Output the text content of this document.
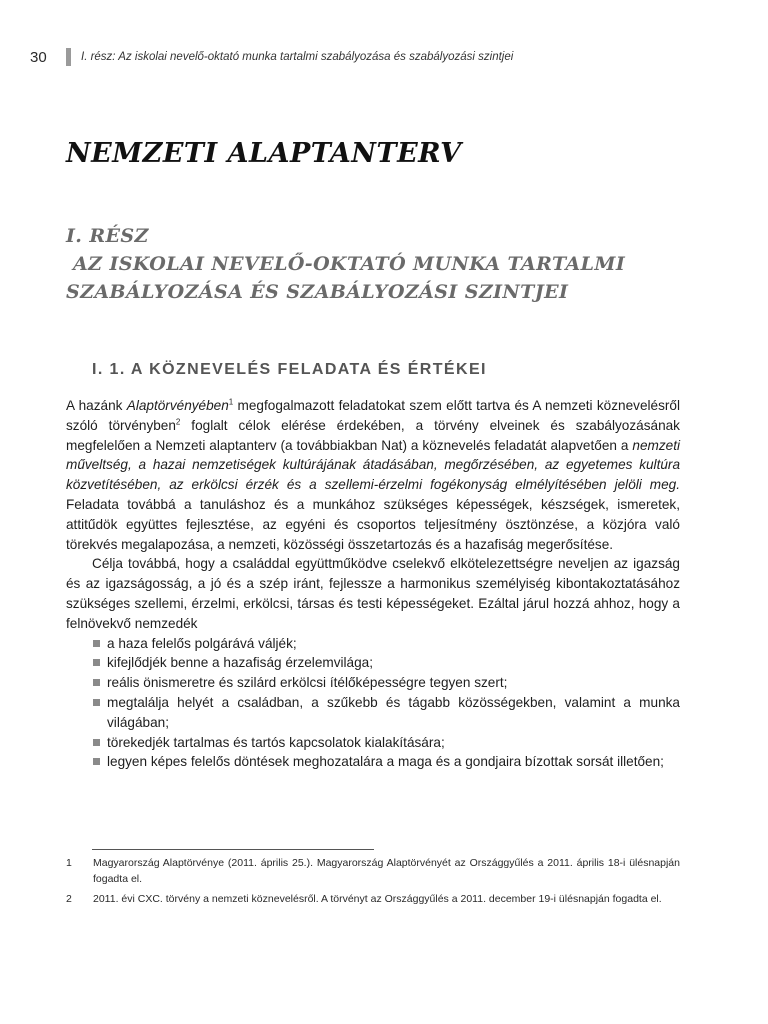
30	I. rész: Az iskolai nevelő-oktató munka tartalmi szabályozása és szabályozási szintjei
NEMZETI ALAPTANTERV
I. RÉSZ
AZ ISKOLAI NEVELŐ-OKTATÓ MUNKA TARTALMI
SZABÁLYOZÁSA ÉS SZABÁLYOZÁSI SZINTJEI
I. 1. A KÖZNEVELÉS FELADATA ÉS ÉRTÉKEI

A hazánk Alaptörvényében$^1$ megfogalmazott feladatokat szem előtt tartva és A nemzeti köznevelésről szóló törvényben$^2$ foglalt célok elérése érdekében, a törvény elveinek és szabályozásának megfelelően a Nemzeti alaptanterv (a továbbiakban Nat) a köznevelés feladatát alapvetően a nemzeti műveltség, a hazai nemzetiségek kultúrájának átadásában, megőrzésében, az egyetemes kultúra közvetítésében, az erkölcsi érzék és a szellemi-érzelmi fogékonyság elmélyítésében jelöli meg. Feladata továbbá a tanuláshoz és a munkához szükséges képességek, készségek, ismeretek, attitűdök együttes fejlesztése, az egyéni és csoportos teljesítmény ösztönzése, a közjóra való törekvés megalapozása, a nemzeti, közösségi összetartozás és a hazafiság megerősítése.

Célja továbbá, hogy a családdal együttműködve cselekvő elkötelezettségre neveljen az igazság és az igazságosság, a jó és a szép iránt, fejlessze a harmonikus személyiség kibontakoztatásához szükséges szellemi, érzelmi, erkölcsi, társas és testi képességeket. Ezáltal járul hozzá ahhoz, hogy a felnövekvő nemzedék

a haza felelős polgárává váljék;
kifejlődjék benne a hazafiság érzelemvilága;
reális önismeretre és szilárd erkölcsi ítélőképességre tegyen szert;
megtalálja helyét a családban, a szűkebb és tágabb közösségekben, valamint a munka világában;
törekedjék tartalmas és tartós kapcsolatok kialakítására;
legyen képes felelős döntések meghozatalára a maga és a gondjaira bízottak sorsát illetően;
1	Magyarország Alaptörvénye (2011. április 25.). Magyarország Alaptörvényét az Országgyűlés a 2011. április 18-i ülésnapján fogadta el.
2	2011. évi CXC. törvény a nemzeti köznevelésről. A törvényt az Országgyűlés a 2011. december 19-i ülésnapján fogadta el.
